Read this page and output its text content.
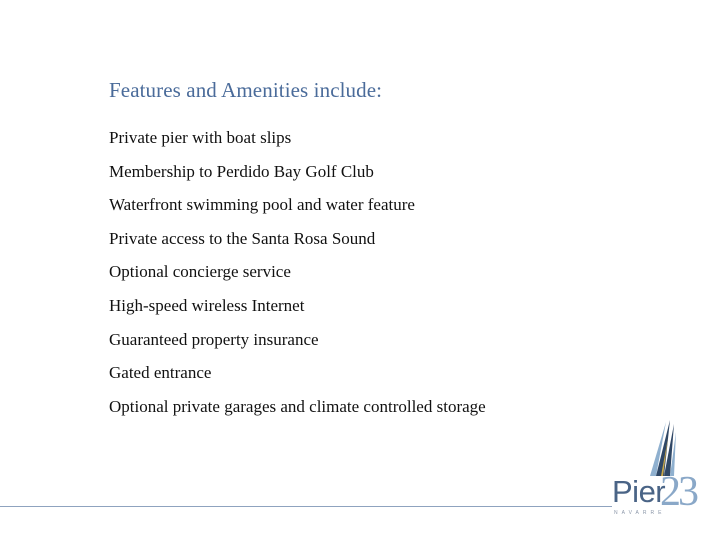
Features and Amenities include:
Private pier with boat slips
Membership to Perdido Bay Golf Club
Waterfront swimming pool and water feature
Private access to the Santa Rosa Sound
Optional concierge service
High-speed wireless Internet
Guaranteed property insurance
Gated entrance
Optional private garages and climate controlled storage
Pier
23
NAVARRE
